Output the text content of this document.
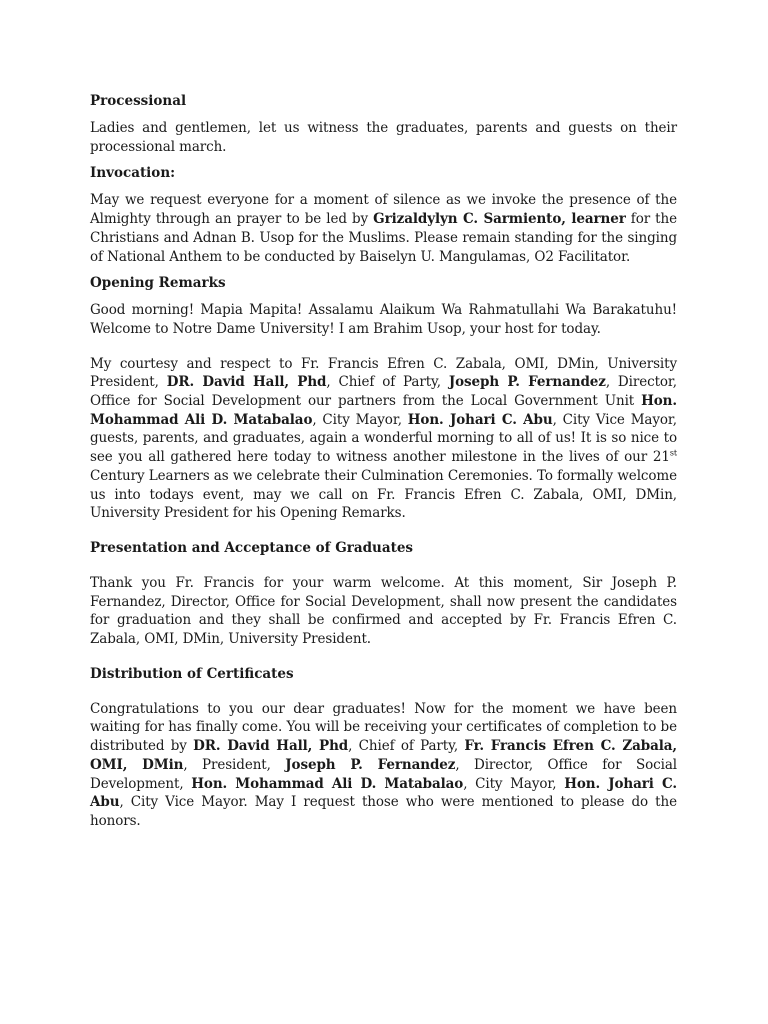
Processional

Ladies and gentlemen, let us witness the graduates, parents and guests on their processional march.

Invocation:

May we request everyone for a moment of silence as we invoke the presence of the Almighty through an prayer to be led by Grizaldylyn C. Sarmiento, learner for the Christians and Adnan B. Usop for the Muslims. Please remain standing for the singing of National Anthem to be conducted by Baiselyn U. Mangulamas, O2 Facilitator.

Opening Remarks

Good morning! Mapia Mapita! Assalamu Alaikum Wa Rahmatullahi Wa Barakatuhu! Welcome to Notre Dame University! I am Brahim Usop, your host for today.

My courtesy and respect to Fr. Francis Efren C. Zabala, OMI, DMin, University President, DR. David Hall, Phd, Chief of Party, Joseph P. Fernandez, Director, Office for Social Development our partners from the Local Government Unit Hon. Mohammad Ali D. Matabalao, City Mayor, Hon. Johari C. Abu, City Vice Mayor, guests, parents, and graduates, again a wonderful morning to all of us! It is so nice to see you all gathered here today to witness another milestone in the lives of our 21st Century Learners as we celebrate their Culmination Ceremonies. To formally welcome us into todays event, may we call on Fr. Francis Efren C. Zabala, OMI, DMin, University President for his Opening Remarks.

Presentation and Acceptance of Graduates

Thank you Fr. Francis for your warm welcome. At this moment, Sir Joseph P. Fernandez, Director, Office for Social Development, shall now present the candidates for graduation and they shall be confirmed and accepted by Fr. Francis Efren C. Zabala, OMI, DMin, University President.

Distribution of Certificates

Congratulations to you our dear graduates! Now for the moment we have been waiting for has finally come. You will be receiving your certificates of completion to be distributed by DR. David Hall, Phd, Chief of Party, Fr. Francis Efren C. Zabala, OMI, DMin, President, Joseph P. Fernandez, Director, Office for Social Development, Hon. Mohammad Ali D. Matabalao, City Mayor, Hon. Johari C. Abu, City Vice Mayor. May I request those who were mentioned to please do the honors.
